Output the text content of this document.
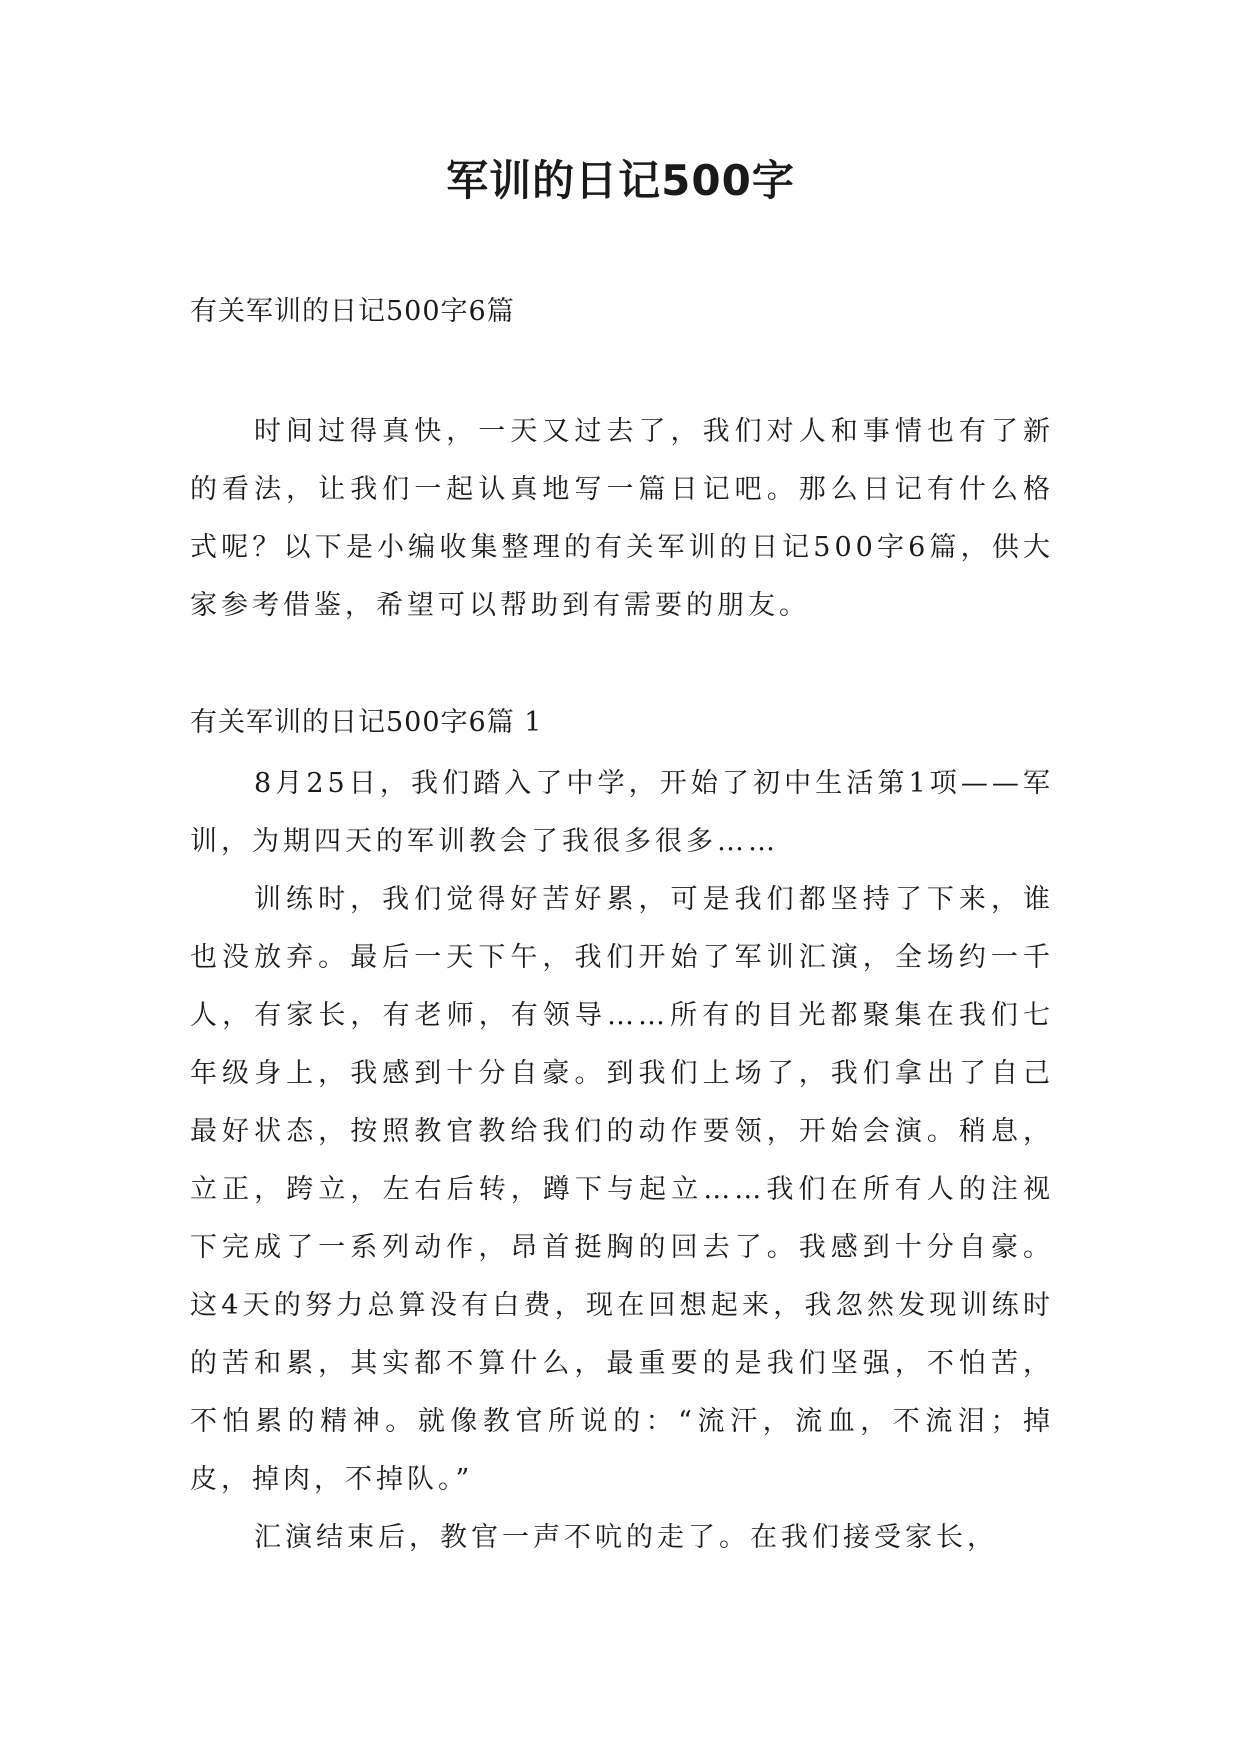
军训的日记500字
有关军训的日记500字6篇

时间过得真快，一天又过去了，我们对人和事情也有了新的看法，让我们一起认真地写一篇日记吧。那么日记有什么格式呢？以下是小编收集整理的有关军训的日记500字6篇，供大家参考借鉴，希望可以帮助到有需要的朋友。

有关军训的日记500字6篇 1

8月25日，我们踏入了中学，开始了初中生活第1项——军训，为期四天的军训教会了我很多很多……

训练时，我们觉得好苦好累，可是我们都坚持了下来，谁也没放弃。最后一天下午，我们开始了军训汇演，全场约一千人，有家长，有老师，有领导……所有的目光都聚集在我们七年级身上，我感到十分自豪。到我们上场了，我们拿出了自己最好状态，按照教官教给我们的动作要领，开始会演。稍息，立正，跨立，左右后转，蹲下与起立……我们在所有人的注视下完成了一系列动作，昂首挺胸的回去了。我感到十分自豪。这4天的努力总算没有白费，现在回想起来，我忽然发现训练时的苦和累，其实都不算什么，最重要的是我们坚强，不怕苦，不怕累的精神。就像教官所说的：“流汗，流血，不流泪；掉皮，掉肉，不掉队。”

汇演结束后，教官一声不吭的走了。在我们接受家长，
